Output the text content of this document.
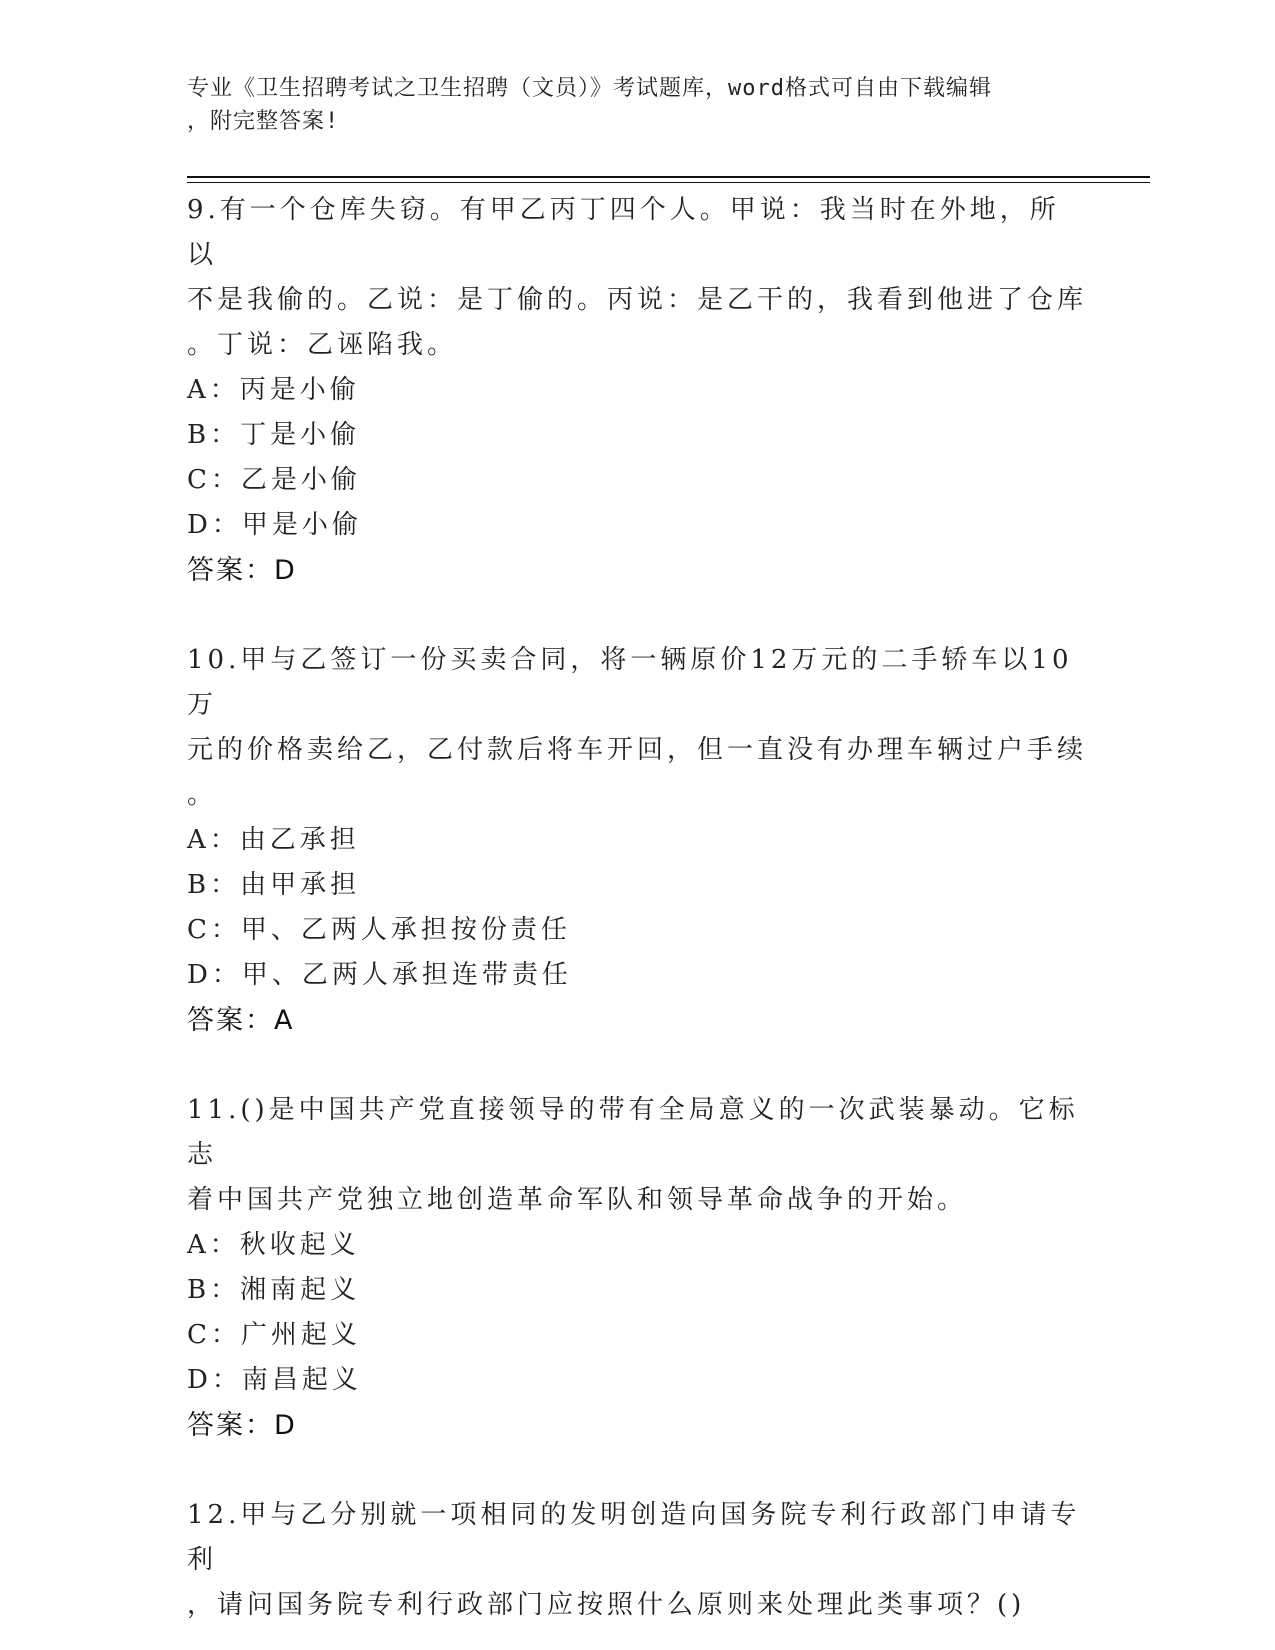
专业《卫生招聘考试之卫生招聘（文员）》考试题库，word格式可自由下载编辑
，附完整答案!

9.有一个仓库失窃。有甲乙丙丁四个人。甲说：我当时在外地，所以

不是我偷的。乙说：是丁偷的。丙说：是乙干的，我看到他进了仓库

。丁说：乙诬陷我。

A：丙是小偷

B：丁是小偷

C：乙是小偷

D：甲是小偷

答案：D

10.甲与乙签订一份买卖合同，将一辆原价12万元的二手轿车以10万

元的价格卖给乙，乙付款后将车开回，但一直没有办理车辆过户手续

。

A：由乙承担

B：由甲承担

C：甲、乙两人承担按份责任

D：甲、乙两人承担连带责任

答案：A

11.()是中国共产党直接领导的带有全局意义的一次武装暴动。它标志

着中国共产党独立地创造革命军队和领导革命战争的开始。

A：秋收起义

B：湘南起义

C：广州起义

D：南昌起义

答案：D

12.甲与乙分别就一项相同的发明创造向国务院专利行政部门申请专利

，请问国务院专利行政部门应按照什么原则来处理此类事项？()
